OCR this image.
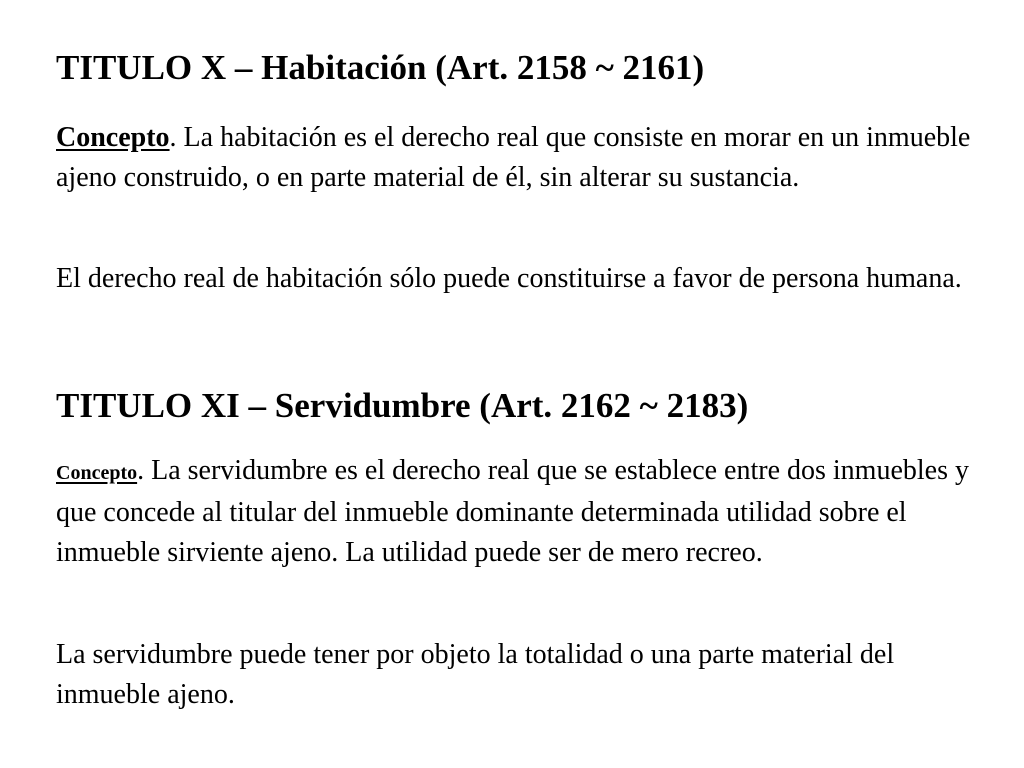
TITULO X – Habitación (Art. 2158 ~ 2161)

Concepto. La habitación es el derecho real que consiste en morar en un inmueble ajeno construido, o en parte material de él, sin alterar su sustancia.

El derecho real de habitación sólo puede constituirse a favor de persona humana.

TITULO XI – Servidumbre (Art. 2162 ~ 2183)

Concepto. La servidumbre es el derecho real que se establece entre dos inmuebles y que concede al titular del inmueble dominante determinada utilidad sobre el inmueble sirviente ajeno. La utilidad puede ser de mero recreo.

La servidumbre puede tener por objeto la totalidad o una parte material del inmueble ajeno.
